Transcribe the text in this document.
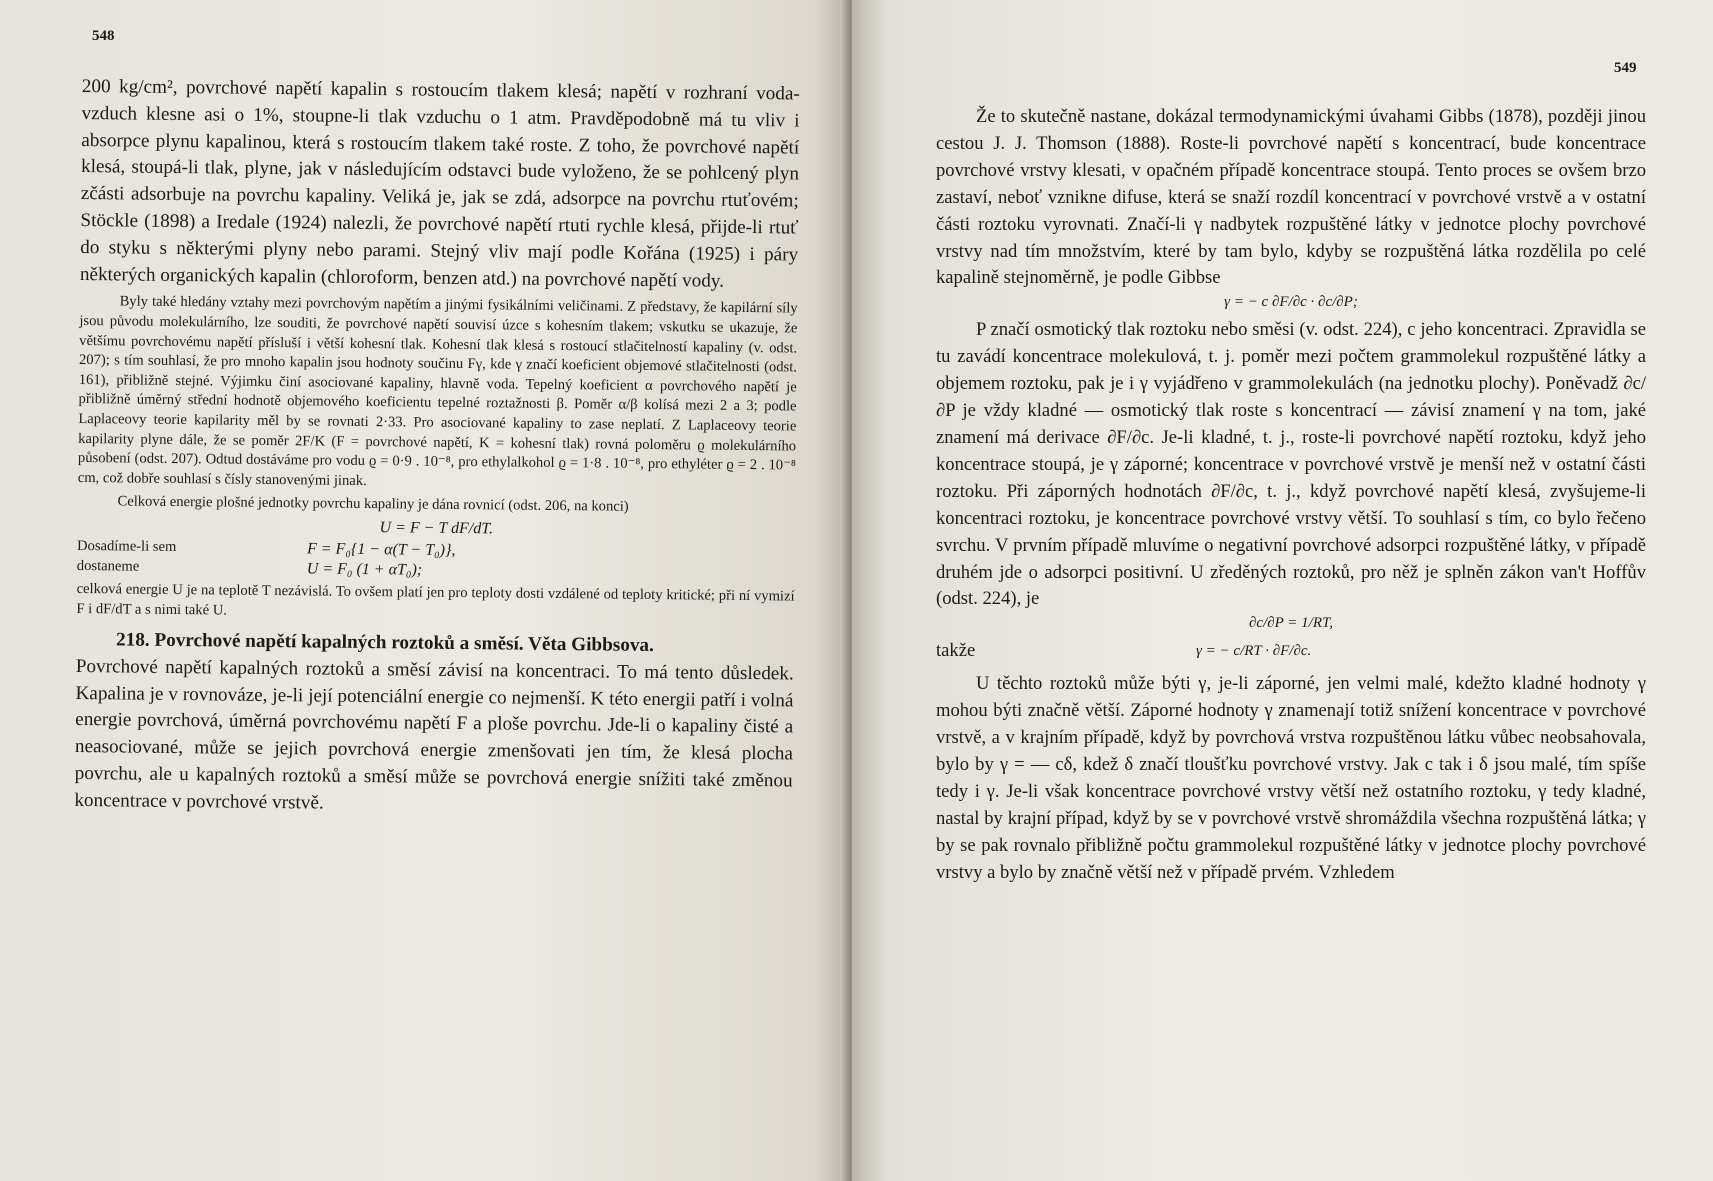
548

200 kg/cm², povrchové napětí kapalin s rostoucím tlakem klesá; napětí v rozhraní voda-vzduch klesne asi o 1%, stoupne-li tlak vzduchu o 1 atm. Pravděpodobně má tu vliv i absorpce plynu kapalinou, která s rostoucím tlakem také roste. Z toho, že povrchové napětí klesá, stoupá-li tlak, plyne, jak v následujícím odstavci bude vyloženo, že se pohlcený plyn zčásti adsorbuje na povrchu kapaliny. Veliká je, jak se zdá, adsorpce na povrchu rtuťovém; Stöckle (1898) a Iredale (1924) nalezli, že povrchové napětí rtuti rychle klesá, přijde-li rtuť do styku s některými plyny nebo parami. Stejný vliv mají podle Kořána (1925) i páry některých organických kapalin (chloroform, benzen atd.) na povrchové napětí vody.

Byly také hledány vztahy mezi povrchovým napětím a jinými fysikálními veličinami. Z představy, že kapilární síly jsou původu molekulárního, lze souditi, že povrchové napětí souvisí úzce s kohesním tlakem; vskutku se ukazuje, že většímu povrchovému napětí přísluší i větší kohesní tlak. Kohesní tlak klesá s rostoucí stlačitelností kapaliny (v. odst. 207); s tím souhlasí, že pro mnoho kapalin jsou hodnoty součinu Fγ, kde γ značí koeficient objemové stlačitelnosti (odst. 161), přibližně stejné. Výjimku činí asociované kapaliny, hlavně voda. Tepelný koeficient α povrchového napětí je přibližně úměrný střední hodnotě objemového koeficientu tepelné roztažnosti β. Poměr α/β kolísá mezi 2 a 3; podle Laplaceovy teorie kapilarity měl by se rovnati 2·33. Pro asociované kapaliny to zase neplatí. Z Laplaceovy teorie kapilarity plyne dále, že se poměr 2F/K (F = povrchové napětí, K = kohesní tlak) rovná poloměru ϱ molekulárního působení (odst. 207). Odtud dostáváme pro vodu ϱ = 0·9 . 10⁻⁸, pro ethylalkohol ϱ = 1·8 . 10⁻⁸, pro ethyléter ϱ = 2 . 10⁻⁸ cm, což dobře souhlasí s čísly stanovenými jinak.

Celková energie plošné jednotky povrchu kapaliny je dána rovnicí (odst. 206, na konci)

U = F − T dF/dT.
Dosadíme-li sem	F = F₀{1 − α(T − T₀)},
dostaneme	U = F₀ (1 + αT₀);

celková energie U je na teplotě T nezávislá. To ovšem platí jen pro teploty dosti vzdálené od teploty kritické; při ní vymizí F i dF/dT a s nimi také U.

218. Povrchové napětí kapalných roztoků a směsí. Věta Gibbsova.

Povrchové napětí kapalných roztoků a směsí závisí na koncentraci. To má tento důsledek. Kapalina je v rovnováze, je-li její potenciální energie co nejmenší. K této energii patří i volná energie povrchová, úměrná povrchovému napětí F a ploše povrchu. Jde-li o kapaliny čisté a neasociované, může se jejich povrchová energie zmenšovati jen tím, že klesá plocha povrchu, ale u kapalných roztoků a směsí může se povrchová energie snížiti také změnou koncentrace v povrchové vrstvě.

549

Že to skutečně nastane, dokázal termodynamickými úvahami Gibbs (1878), později jinou cestou J. J. Thomson (1888). Roste-li povrchové napětí s koncentrací, bude koncentrace povrchové vrstvy klesati, v opačném případě koncentrace stoupá. Tento proces se ovšem brzo zastaví, neboť vznikne difuse, která se snaží rozdíl koncentrací v povrchové vrstvě a v ostatní části roztoku vyrovnati. Značí-li γ nadbytek rozpuštěné látky v jednotce plochy povrchové vrstvy nad tím množstvím, které by tam bylo, kdyby se rozpuštěná látka rozdělila po celé kapalině stejnoměrně, je podle Gibbse

γ = − c ∂F/∂c · ∂c/∂P;

P značí osmotický tlak roztoku nebo směsi (v. odst. 224), c jeho koncentraci. Zpravidla se tu zavádí koncentrace molekulová, t. j. poměr mezi počtem grammolekul rozpuštěné látky a objemem roztoku, pak je i γ vyjádřeno v grammolekulách (na jednotku plochy). Poněvadž ∂c/∂P je vždy kladné — osmotický tlak roste s koncentrací — závisí znamení γ na tom, jaké znamení má derivace ∂F/∂c. Je-li kladné, t. j., roste-li povrchové napětí roztoku, když jeho koncentrace stoupá, je γ záporné; koncentrace v povrchové vrstvě je menší než v ostatní části roztoku. Při záporných hodnotách ∂F/∂c, t. j., když povrchové napětí klesá, zvyšujeme-li koncentraci roztoku, je koncentrace povrchové vrstvy větší. To souhlasí s tím, co bylo řečeno svrchu. V prvním případě mluvíme o negativní povrchové adsorpci rozpuštěné látky, v případě druhém jde o adsorpci positivní. U zředěných roztoků, pro něž je splněn zákon van't Hoffův (odst. 224), je

∂c/∂P = 1/RT,
takže	γ = − c/RT · ∂F/∂c.

U těchto roztoků může býti γ, je-li záporné, jen velmi malé, kdežto kladné hodnoty γ mohou býti značně větší. Záporné hodnoty γ znamenají totiž snížení koncentrace v povrchové vrstvě, a v krajním případě, když by povrchová vrstva rozpuštěnou látku vůbec neobsahovala, bylo by γ = — cδ, kdež δ značí tloušťku povrchové vrstvy. Jak c tak i δ jsou malé, tím spíše tedy i γ. Je-li však koncentrace povrchové vrstvy větší než ostatního roztoku, γ tedy kladné, nastal by krajní případ, když by se v povrchové vrstvě shromáždila všechna rozpuštěná látka; γ by se pak rovnalo přibližně počtu grammolekul rozpuštěné látky v jednotce plochy povrchové vrstvy a bylo by značně větší než v případě prvém. Vzhledem
